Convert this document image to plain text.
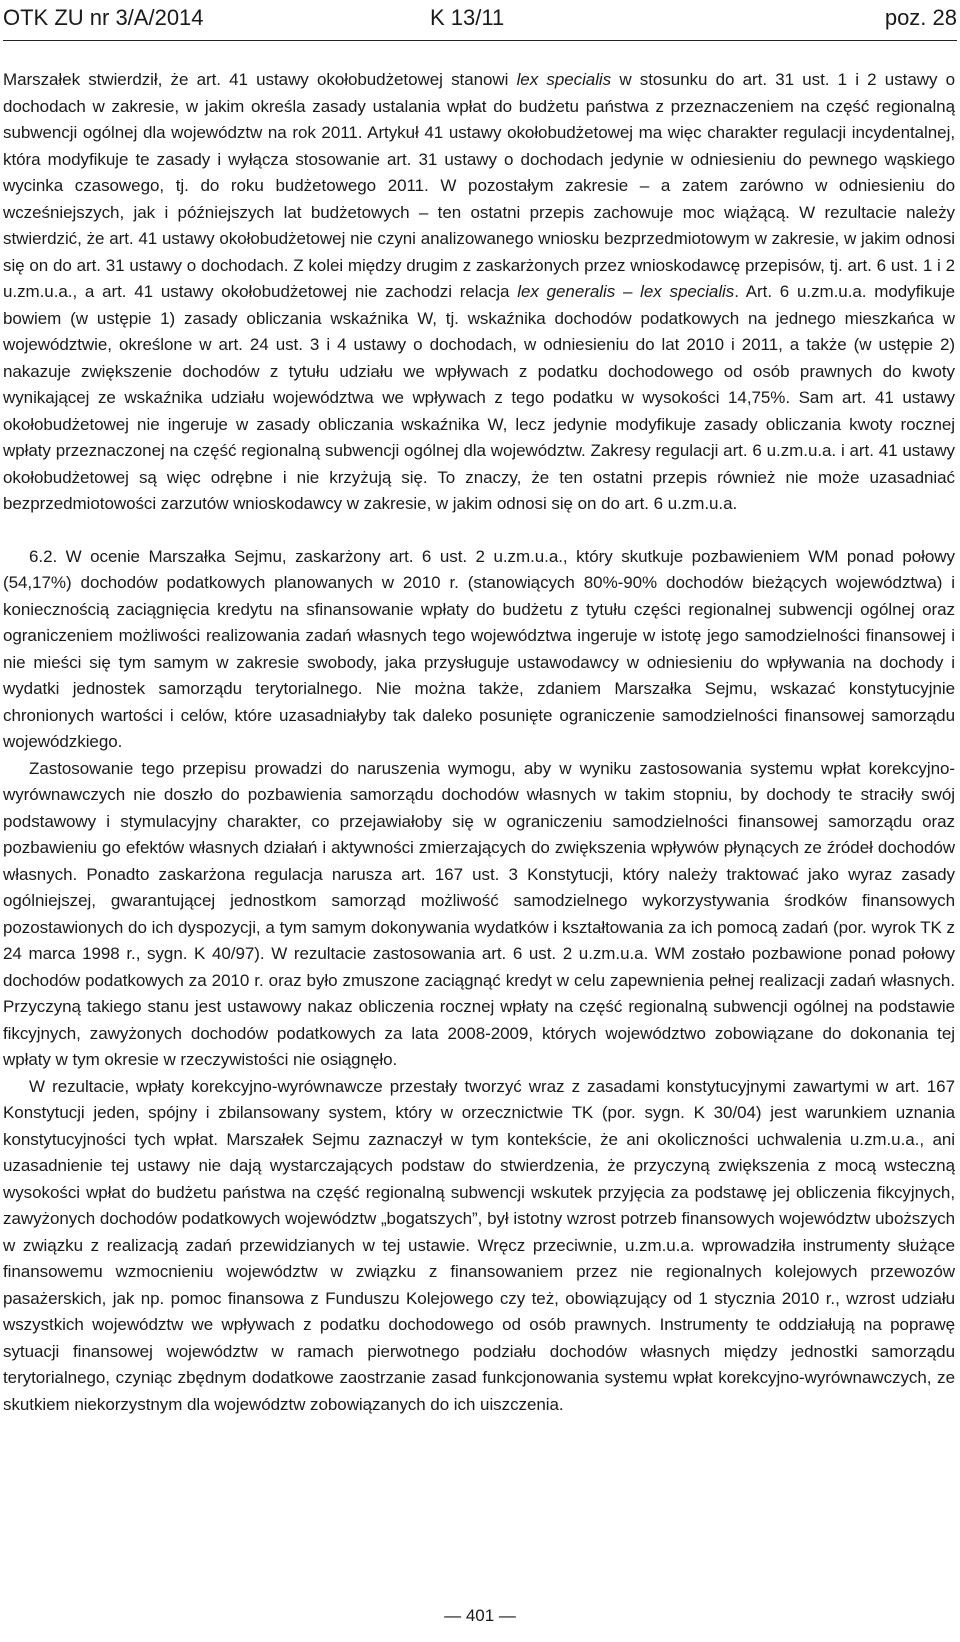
OTK ZU nr 3/A/2014	K 13/11	poz. 28

Marszałek stwierdził, że art. 41 ustawy okołobudżetowej stanowi lex specialis w stosunku do art. 31 ust. 1 i 2 ustawy o dochodach w zakresie, w jakim określa zasady ustalania wpłat do budżetu państwa z przeznaczeniem na część regionalną subwencji ogólnej dla województw na rok 2011. Artykuł 41 ustawy okołobudżetowej ma więc charakter regulacji incydentalnej, która modyfikuje te zasady i wyłącza stosowanie art. 31 ustawy o dochodach jedynie w odniesieniu do pewnego wąskiego wycinka czasowego, tj. do roku budżetowego 2011. W pozostałym zakresie – a zatem zarówno w odniesieniu do wcześniejszych, jak i późniejszych lat budżetowych – ten ostatni przepis zachowuje moc wiążącą. W rezultacie należy stwierdzić, że art. 41 ustawy okołobudżetowej nie czyni analizowanego wniosku bezprzedmiotowym w zakresie, w jakim odnosi się on do art. 31 ustawy o dochodach. Z kolei między drugim z zaskarżonych przez wnioskodawcę przepisów, tj. art. 6 ust. 1 i 2 u.zm.u.a., a art. 41 ustawy okołobudżetowej nie zachodzi relacja lex generalis – lex specialis. Art. 6 u.zm.u.a. modyfikuje bowiem (w ustępie 1) zasady obliczania wskaźnika W, tj. wskaźnika dochodów podatkowych na jednego mieszkańca w województwie, określone w art. 24 ust. 3 i 4 ustawy o dochodach, w odniesieniu do lat 2010 i 2011, a także (w ustępie 2) nakazuje zwiększenie dochodów z tytułu udziału we wpływach z podatku dochodowego od osób prawnych do kwoty wynikającej ze wskaźnika udziału województwa we wpływach z tego podatku w wysokości 14,75%. Sam art. 41 ustawy okołobudżetowej nie ingeruje w zasady obliczania wskaźnika W, lecz jedynie modyfikuje zasady obliczania kwoty rocznej wpłaty przeznaczonej na część regionalną subwencji ogólnej dla województw. Zakresy regulacji art. 6 u.zm.u.a. i art. 41 ustawy okołobudżetowej są więc odrębne i nie krzyżują się. To znaczy, że ten ostatni przepis również nie może uzasadniać bezprzedmiotowości zarzutów wnioskodawcy w zakresie, w jakim odnosi się on do art. 6 u.zm.u.a.

6.2. W ocenie Marszałka Sejmu, zaskarżony art. 6 ust. 2 u.zm.u.a., który skutkuje pozbawieniem WM ponad połowy (54,17%) dochodów podatkowych planowanych w 2010 r. (stanowiących 80%-90% dochodów bieżących województwa) i koniecznością zaciągnięcia kredytu na sfinansowanie wpłaty do budżetu z tytułu części regionalnej subwencji ogólnej oraz ograniczeniem możliwości realizowania zadań własnych tego województwa ingeruje w istotę jego samodzielności finansowej i nie mieści się tym samym w zakresie swobody, jaka przysługuje ustawodawcy w odniesieniu do wpływania na dochody i wydatki jednostek samorządu terytorialnego. Nie można także, zdaniem Marszałka Sejmu, wskazać konstytucyjnie chronionych wartości i celów, które uzasadniałyby tak daleko posunięte ograniczenie samodzielności finansowej samorządu wojewódzkiego.

Zastosowanie tego przepisu prowadzi do naruszenia wymogu, aby w wyniku zastosowania systemu wpłat korekcyjno-wyrównawczych nie doszło do pozbawienia samorządu dochodów własnych w takim stopniu, by dochody te straciły swój podstawowy i stymulacyjny charakter, co przejawiałoby się w ograniczeniu samodzielności finansowej samorządu oraz pozbawieniu go efektów własnych działań i aktywności zmierzających do zwiększenia wpływów płynących ze źródeł dochodów własnych. Ponadto zaskarżona regulacja narusza art. 167 ust. 3 Konstytucji, który należy traktować jako wyraz zasady ogólniejszej, gwarantującej jednostkom samorząd możliwość samodzielnego wykorzystywania środków finansowych pozostawionych do ich dyspozycji, a tym samym dokonywania wydatków i kształtowania za ich pomocą zadań (por. wyrok TK z 24 marca 1998 r., sygn. K 40/97). W rezultacie zastosowania art. 6 ust. 2 u.zm.u.a. WM zostało pozbawione ponad połowy dochodów podatkowych za 2010 r. oraz było zmuszone zaciągnąć kredyt w celu zapewnienia pełnej realizacji zadań własnych. Przyczyną takiego stanu jest ustawowy nakaz obliczenia rocznej wpłaty na część regionalną subwencji ogólnej na podstawie fikcyjnych, zawyżonych dochodów podatkowych za lata 2008-2009, których województwo zobowiązane do dokonania tej wpłaty w tym okresie w rzeczywistości nie osiągnęło.

W rezultacie, wpłaty korekcyjno-wyrównawcze przestały tworzyć wraz z zasadami konstytucyjnymi zawartymi w art. 167 Konstytucji jeden, spójny i zbilansowany system, który w orzecznictwie TK (por. sygn. K 30/04) jest warunkiem uznania konstytucyjności tych wpłat. Marszałek Sejmu zaznaczył w tym kontekście, że ani okoliczności uchwalenia u.zm.u.a., ani uzasadnienie tej ustawy nie dają wystarczających podstaw do stwierdzenia, że przyczyną zwiększenia z mocą wsteczną wysokości wpłat do budżetu państwa na część regionalną subwencji wskutek przyjęcia za podstawę jej obliczenia fikcyjnych, zawyżonych dochodów podatkowych województw „bogatszych”, był istotny wzrost potrzeb finansowych województw uboższych w związku z realizacją zadań przewidzianych w tej ustawie. Wręcz przeciwnie, u.zm.u.a. wprowadziła instrumenty służące finansowemu wzmocnieniu województw w związku z finansowaniem przez nie regionalnych kolejowych przewozów pasażerskich, jak np. pomoc finansowa z Funduszu Kolejowego czy też, obowiązujący od 1 stycznia 2010 r., wzrost udziału wszystkich województw we wpływach z podatku dochodowego od osób prawnych. Instrumenty te oddziałują na poprawę sytuacji finansowej województw w ramach pierwotnego podziału dochodów własnych między jednostki samorządu terytorialnego, czyniąc zbędnym dodatkowe zaostrzanie zasad funkcjonowania systemu wpłat korekcyjno-wyrównawczych, ze skutkiem niekorzystnym dla województw zobowiązanych do ich uiszczenia.

— 401 —
